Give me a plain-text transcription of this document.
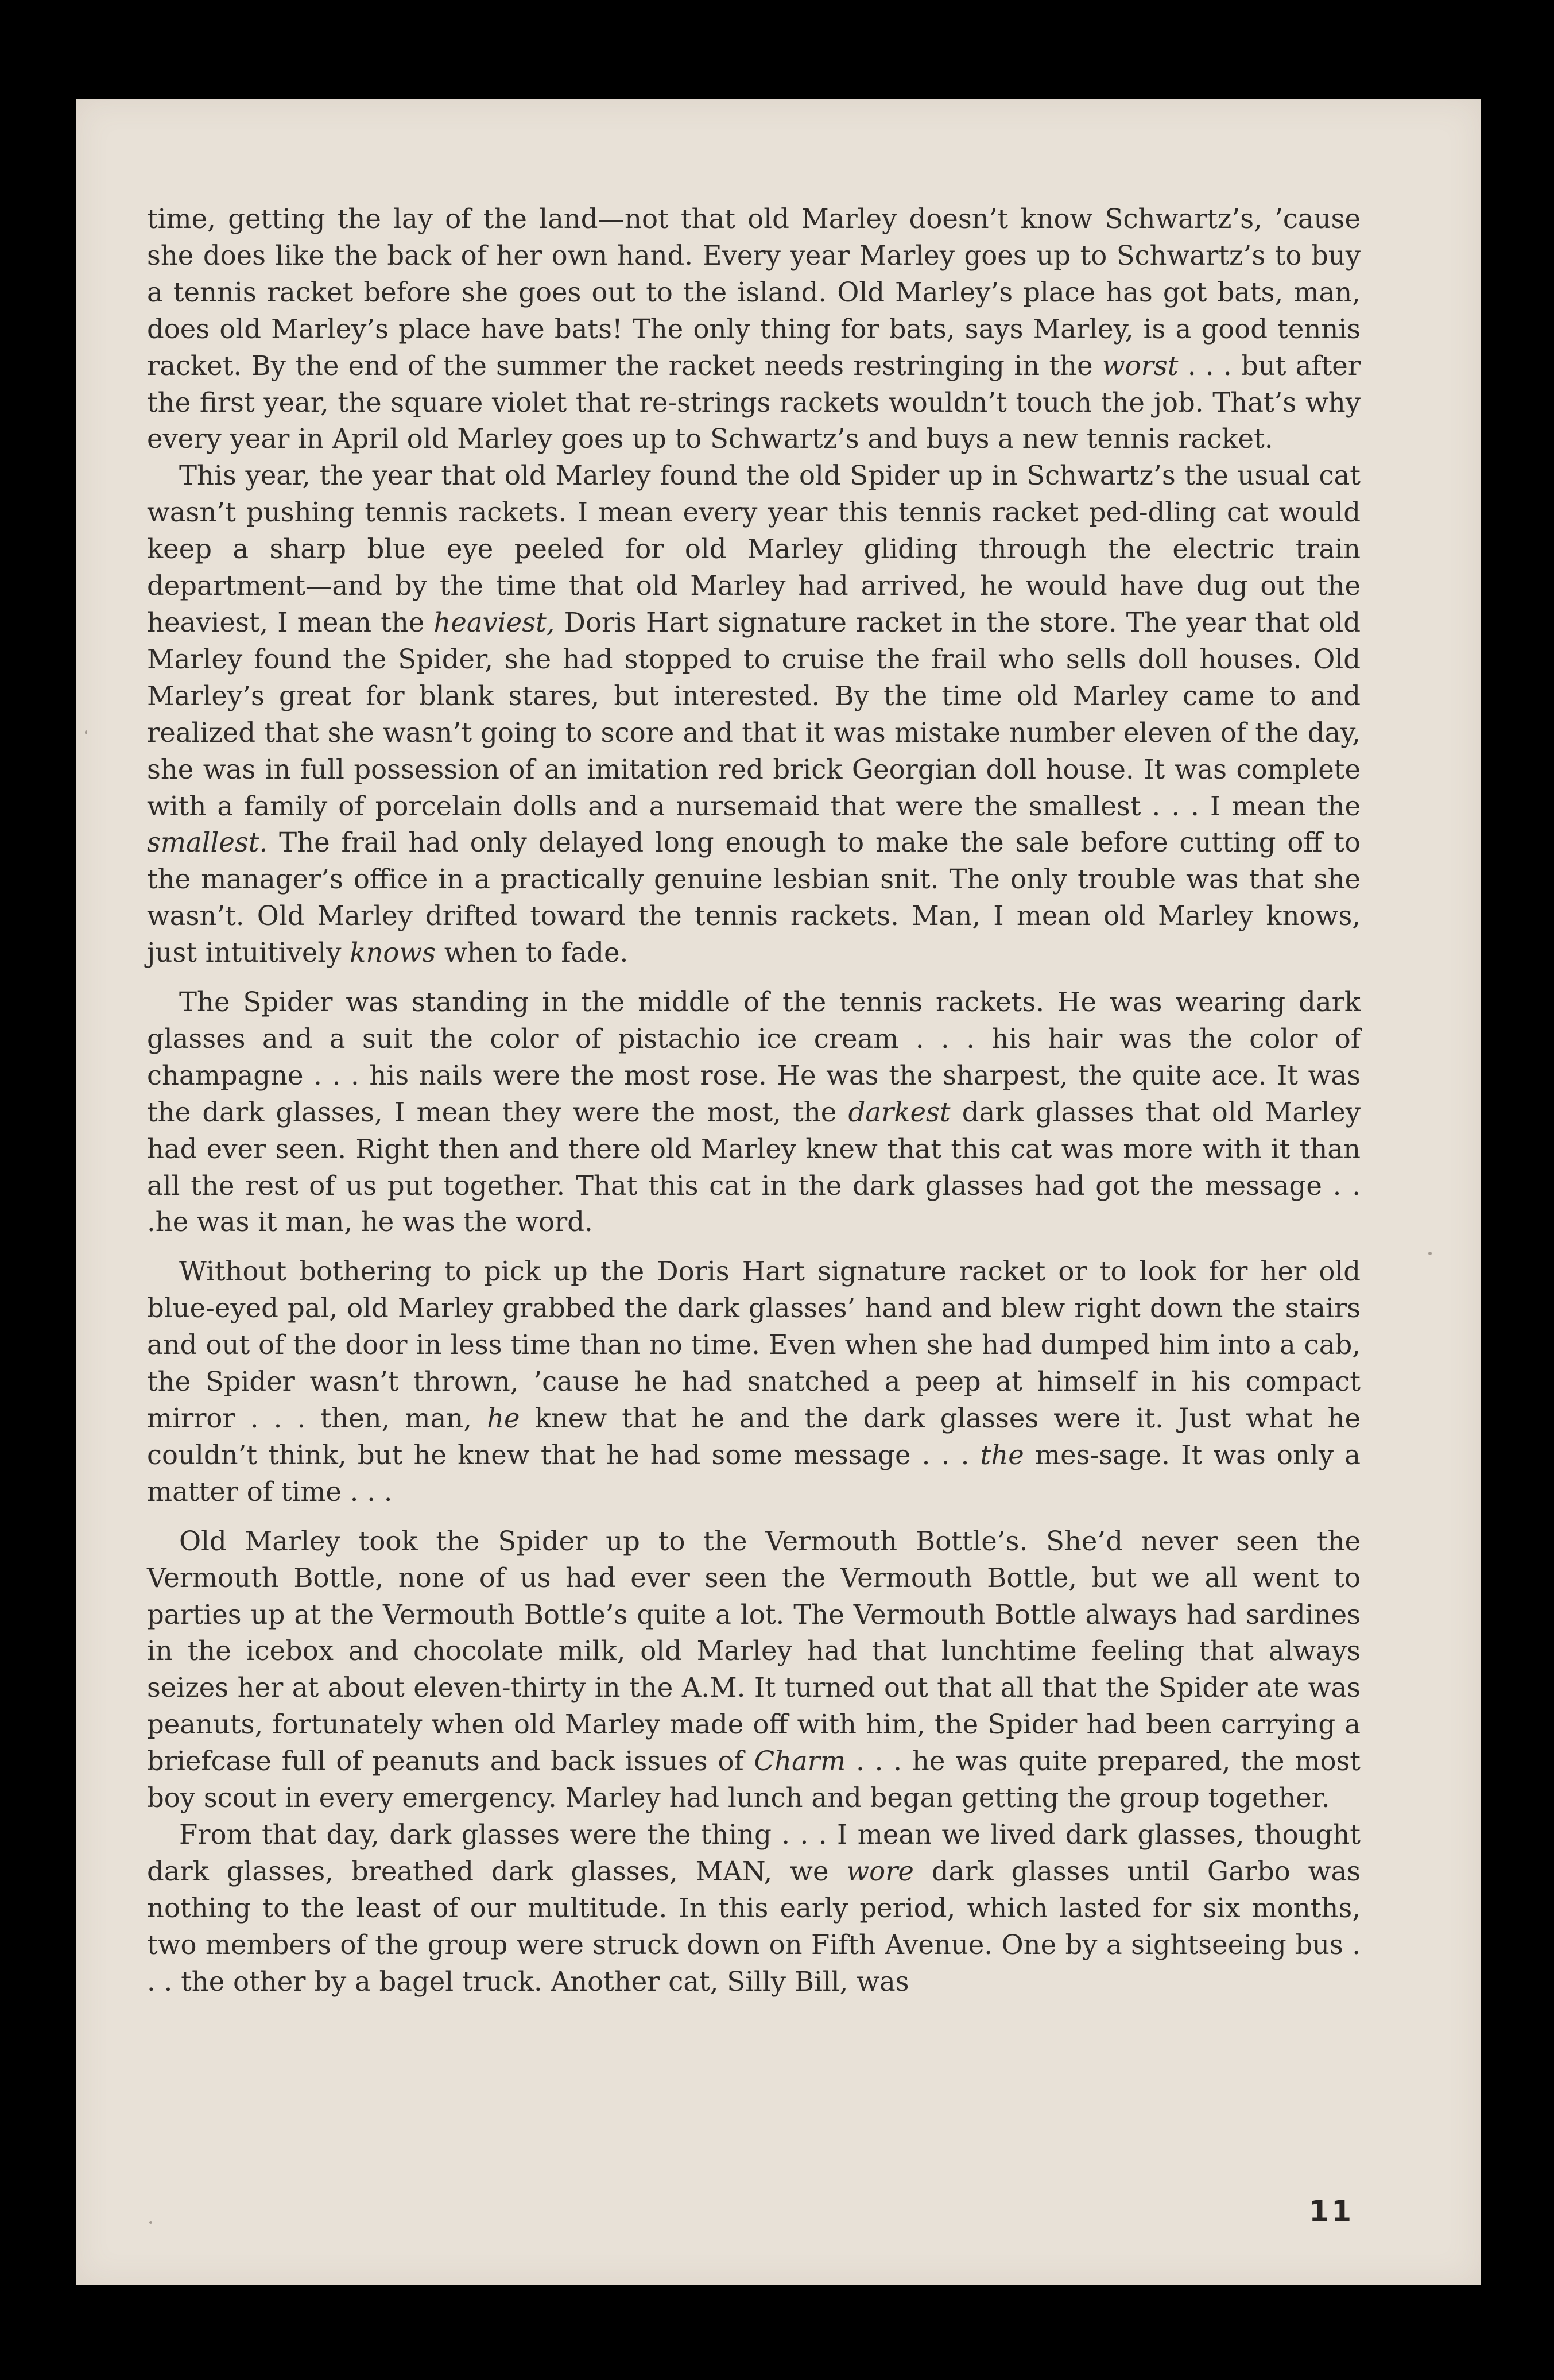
time, getting the lay of the land—not that old Marley doesn’t know Schwartz’s, ’cause she does like the back of her own hand. Every year Marley goes up to Schwartz’s to buy a tennis racket before she goes out to the island. Old Marley’s place has got bats, man, does old Marley’s place have bats! The only thing for bats, says Marley, is a good tennis racket. By the end of the summer the racket needs restringing in the worst . . . but after the first year, the square violet that re-strings rackets wouldn’t touch the job. That’s why every year in April old Marley goes up to Schwartz’s and buys a new tennis racket.

This year, the year that old Marley found the old Spider up in Schwartz’s the usual cat wasn’t pushing tennis rackets. I mean every year this tennis racket ped-dling cat would keep a sharp blue eye peeled for old Marley gliding through the electric train department—and by the time that old Marley had arrived, he would have dug out the heaviest, I mean the heaviest, Doris Hart signature racket in the store. The year that old Marley found the Spider, she had stopped to cruise the frail who sells doll houses. Old Marley’s great for blank stares, but interested. By the time old Marley came to and realized that she wasn’t going to score and that it was mistake number eleven of the day, she was in full possession of an imitation red brick Georgian doll house. It was complete with a family of porcelain dolls and a nursemaid that were the smallest . . . I mean the smallest. The frail had only delayed long enough to make the sale before cutting off to the manager’s office in a practically genuine lesbian snit. The only trouble was that she wasn’t. Old Marley drifted toward the tennis rackets. Man, I mean old Marley knows, just intuitively knows when to fade.

The Spider was standing in the middle of the tennis rackets. He was wearing dark glasses and a suit the color of pistachio ice cream . . . his hair was the color of champagne . . . his nails were the most rose. He was the sharpest, the quite ace. It was the dark glasses, I mean they were the most, the darkest dark glasses that old Marley had ever seen. Right then and there old Marley knew that this cat was more with it than all the rest of us put together. That this cat in the dark glasses had got the message . . .he was it man, he was the word.

Without bothering to pick up the Doris Hart signature racket or to look for her old blue-eyed pal, old Marley grabbed the dark glasses’ hand and blew right down the stairs and out of the door in less time than no time. Even when she had dumped him into a cab, the Spider wasn’t thrown, ’cause he had snatched a peep at himself in his compact mirror . . . then, man, he knew that he and the dark glasses were it. Just what he couldn’t think, but he knew that he had some message . . . the mes-sage. It was only a matter of time . . .

Old Marley took the Spider up to the Vermouth Bottle’s. She’d never seen the Vermouth Bottle, none of us had ever seen the Vermouth Bottle, but we all went to parties up at the Vermouth Bottle’s quite a lot. The Vermouth Bottle always had sardines in the icebox and chocolate milk, old Marley had that lunchtime feeling that always seizes her at about eleven-thirty in the A.M. It turned out that all that the Spider ate was peanuts, fortunately when old Marley made off with him, the Spider had been carrying a briefcase full of peanuts and back issues of Charm . . . he was quite prepared, the most boy scout in every emergency. Marley had lunch and began getting the group together.

From that day, dark glasses were the thing . . . I mean we lived dark glasses, thought dark glasses, breathed dark glasses, MAN, we wore dark glasses until Garbo was nothing to the least of our multitude. In this early period, which lasted for six months, two members of the group were struck down on Fifth Avenue. One by a sightseeing bus . . . the other by a bagel truck. Another cat, Silly Bill, was

11
